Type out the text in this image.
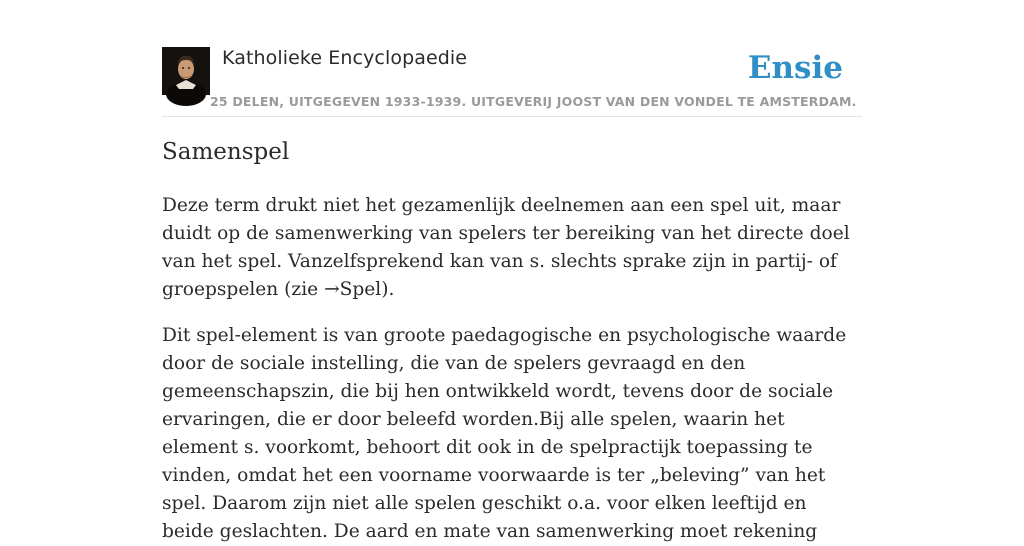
Katholieke Encyclopaedie
25 DELEN, UITGEGEVEN 1933-1939. UITGEVERIJ JOOST VAN DEN VONDEL TE AMSTERDAM.
Ensie
Samenspel

Deze term drukt niet het gezamenlijk deelnemen aan een spel uit, maar duidt op de samenwerking van spelers ter bereiking van het directe doel van het spel. Vanzelfsprekend kan van s. slechts sprake zijn in partij- of groepspelen (zie →Spel).

Dit spel-element is van groote paedagogische en psychologische waarde door de sociale instelling, die van de spelers gevraagd en den gemeenschapszin, die bij hen ontwikkeld wordt, tevens door de sociale ervaringen, die er door beleefd worden.Bij alle spelen, waarin het element s. voorkomt, behoort dit ook in de spelpractijk toepassing te vinden, omdat het een voorname voorwaarde is ter „beleving” van het spel. Daarom zijn niet alle spelen geschikt o.a. voor elken leeftijd en beide geslachten. De aard en mate van samenwerking moet rekening
